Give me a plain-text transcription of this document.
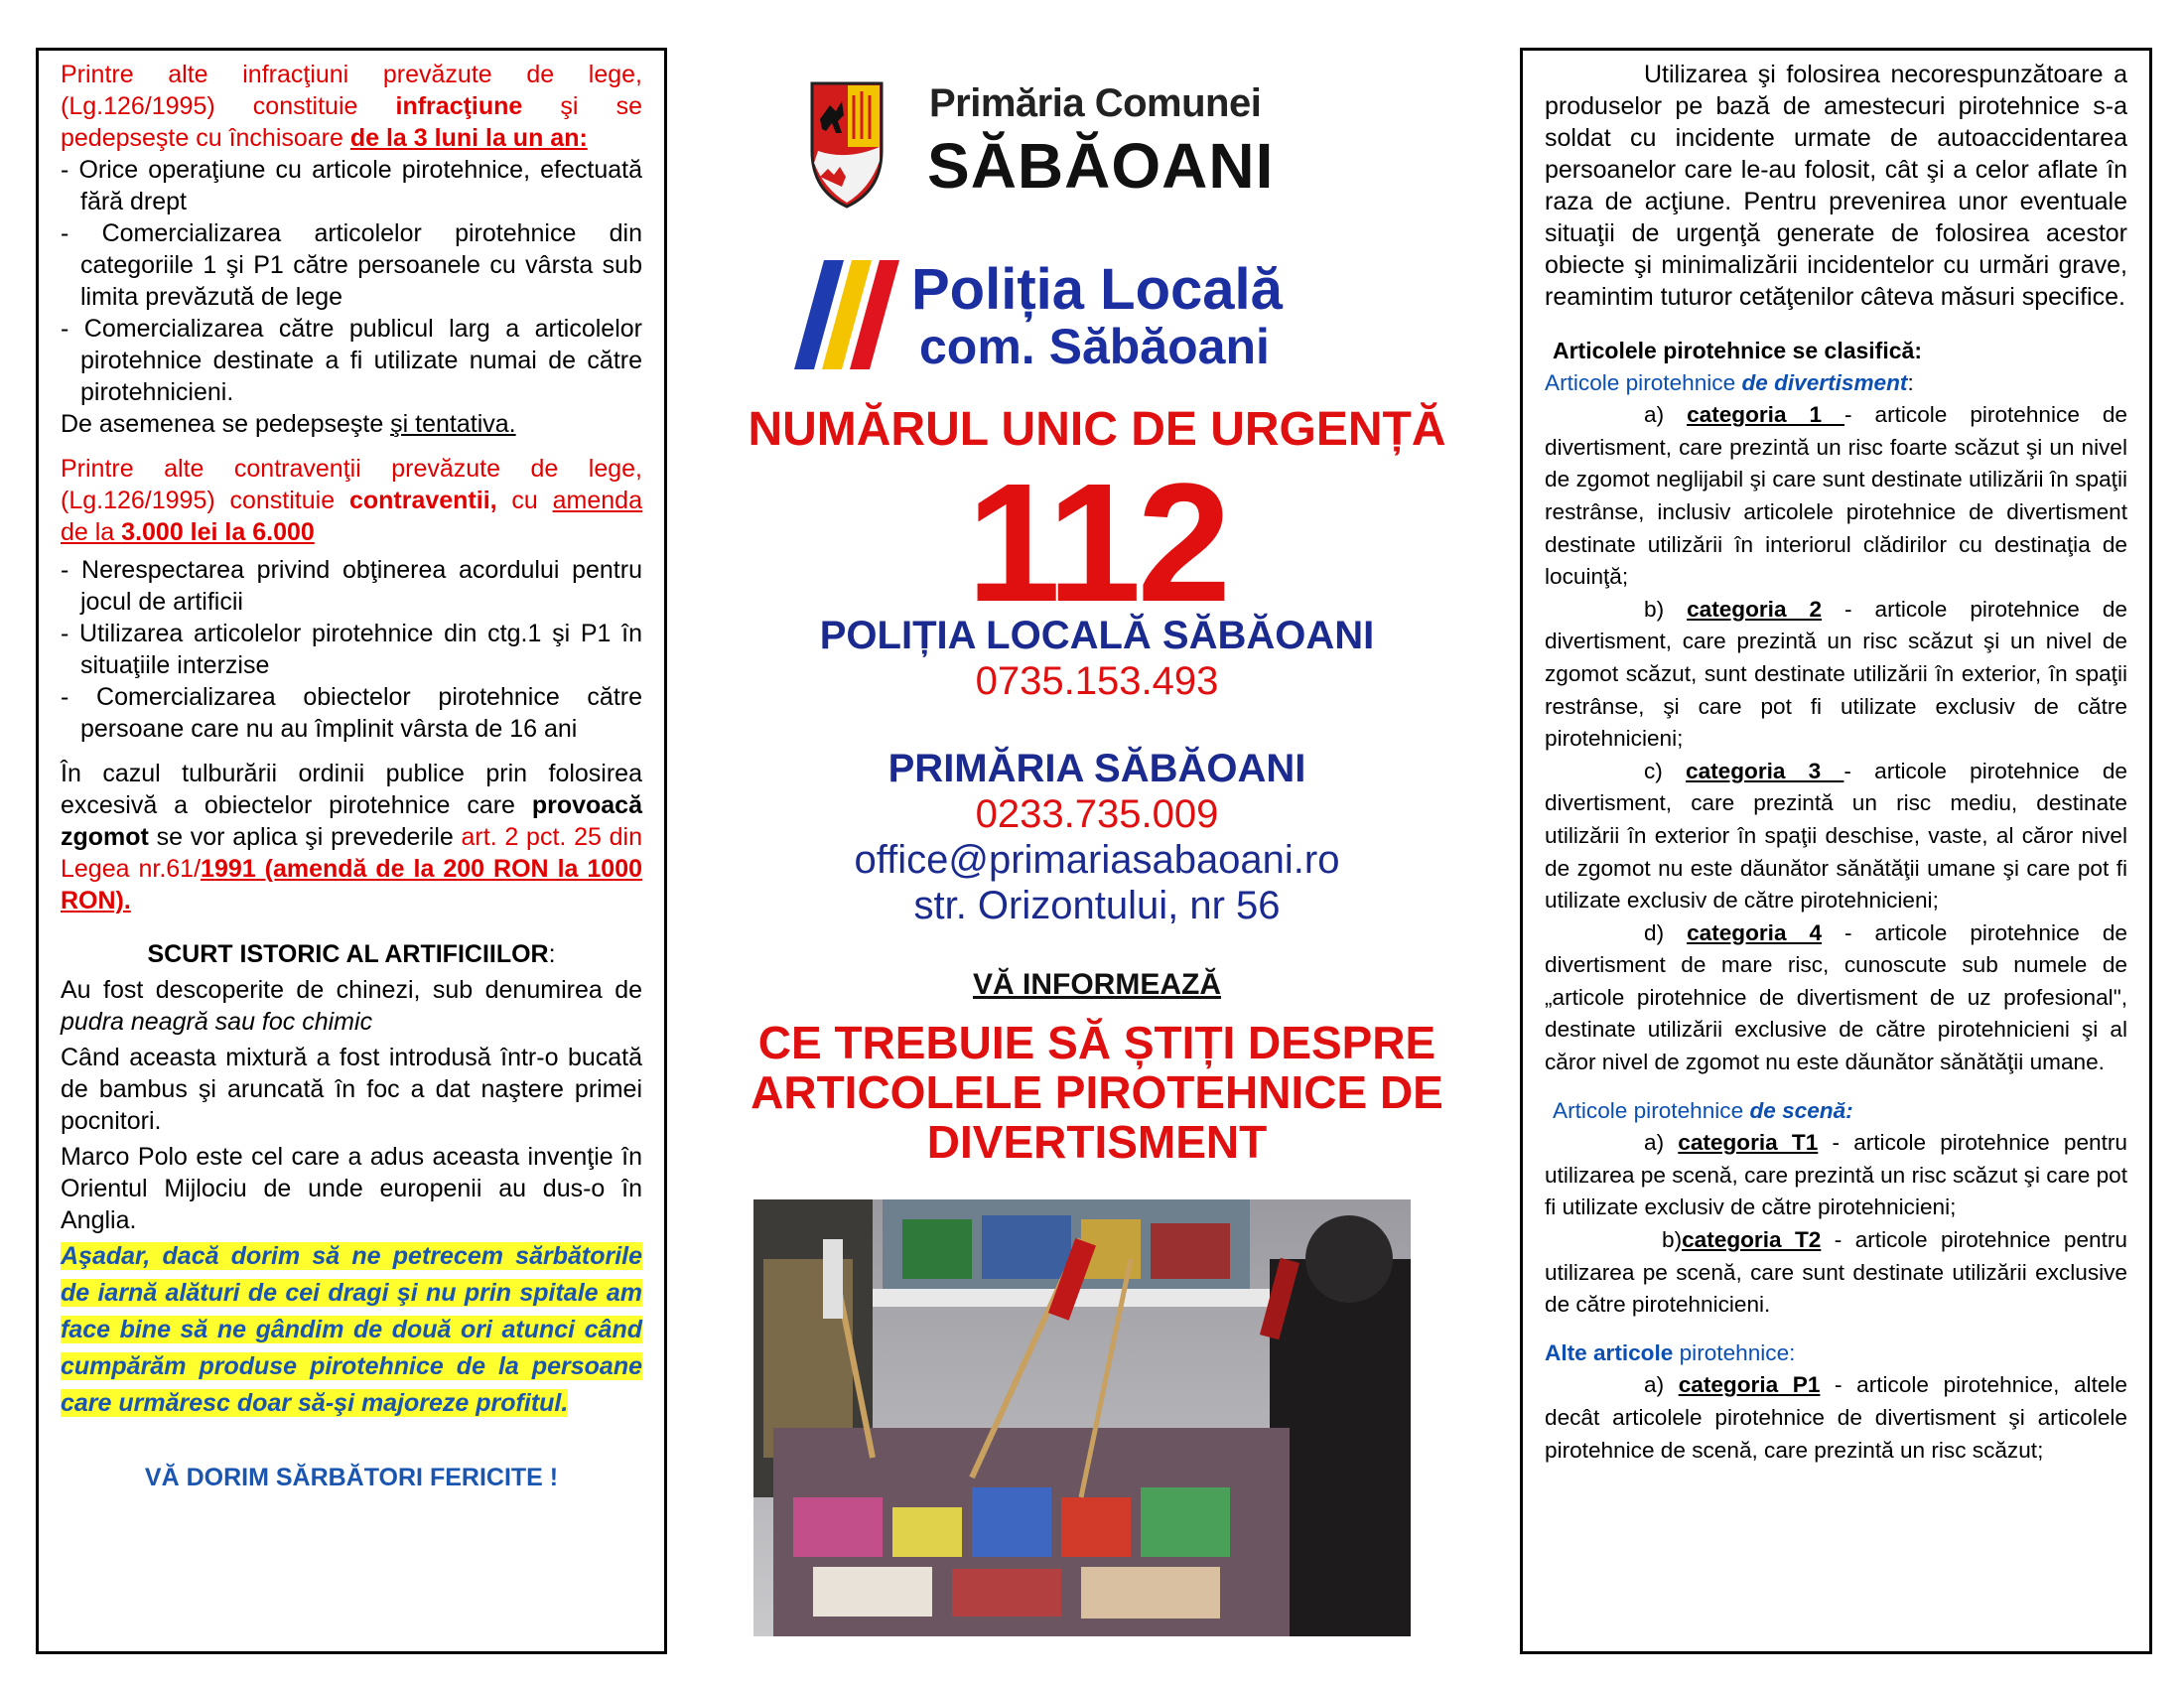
Printre alte infracţiuni prevăzute de lege, (Lg.126/1995) constituie infracţiune şi se pedepseşte cu închisoare de la 3 luni la un an:

- Orice operaţiune cu articole pirotehnice, efectuată fără drept
- Comercializarea articolelor pirotehnice din categoriile 1 şi P1 către persoanele cu vârsta sub limita prevăzută de lege
- Comercializarea către publicul larg a articolelor pirotehnice destinate a fi utilizate numai de către pirotehnicieni.

De asemenea se pedepseşte şi tentativa.

Printre alte contravenţii prevăzute de lege, (Lg.126/1995) constituie contraventii, cu amenda de la 3.000 lei la 6.000

- Nerespectarea privind obţinerea acordului pentru jocul de artificii
- Utilizarea articolelor pirotehnice din ctg.1 şi P1 în situaţiile interzise
- Comercializarea obiectelor pirotehnice către persoane care nu au împlinit vârsta de 16 ani

În cazul tulburării ordinii publice prin folosirea excesivă a obiectelor pirotehnice care provoacă zgomot se vor aplica şi prevederile art. 2 pct. 25 din Legea nr.61/1991 (amendă de la 200 RON la 1000 RON).

SCURT ISTORIC AL ARTIFICIILOR:

Au fost descoperite de chinezi, sub denumirea de pudra neagră sau foc chimic

Când aceasta mixtură a fost introdusă într-o bucată de bambus şi aruncată în foc a dat naştere primei pocnitori.

Marco Polo este cel care a adus aceasta invenţie în Orientul Mijlociu de unde europenii au dus-o în Anglia.

Aşadar, dacă dorim să ne petrecem sărbătorile de iarnă alături de cei dragi şi nu prin spitale am face bine să ne gândim de două ori atunci când cumpărăm produse pirotehnice de la persoane care urmăresc doar să-şi majoreze profitul.

VĂ DORIM SĂRBĂTORI FERICITE !

Primăria Comunei
SĂBĂOANI
Poliția Locală
com. Săbăoani
NUMĂRUL UNIC DE URGENȚĂ
112
POLIȚIA LOCALĂ SĂBĂOANI
0735.153.493
PRIMĂRIA SĂBĂOANI
0233.735.009
office@primariasabaoani.ro
str. Orizontului, nr 56
VĂ INFORMEAZĂ
CE TREBUIE SĂ ȘTIȚI DESPRE ARTICOLELE PIROTEHNICE DE DIVERTISMENT

Utilizarea şi folosirea necorespunzătoare a produselor pe bază de amestecuri pirotehnice s-a soldat cu incidente urmate de autoaccidentarea persoanelor care le-au folosit, cât şi a celor aflate în raza de acţiune. Pentru prevenirea unor eventuale situaţii de urgenţă generate de folosirea acestor obiecte şi minimalizării incidentelor cu urmări grave, reamintim tuturor cetăţenilor câteva măsuri specifice.

Articolele pirotehnice se clasifică:

Articole pirotehnice de divertisment:

a) categoria 1 - articole pirotehnice de divertisment, care prezintă un risc foarte scăzut şi un nivel de zgomot neglijabil şi care sunt destinate utilizării în spaţii restrânse, inclusiv articolele pirotehnice de divertisment destinate utilizării în interiorul clădirilor cu destinaţia de locuinţă;

b) categoria 2 - articole pirotehnice de divertisment, care prezintă un risc scăzut şi un nivel de zgomot scăzut, sunt destinate utilizării în exterior, în spaţii restrânse, şi care pot fi utilizate exclusiv de către pirotehnicieni;

c) categoria 3 - articole pirotehnice de divertisment, care prezintă un risc mediu, destinate utilizării în exterior în spaţii deschise, vaste, al căror nivel de zgomot nu este dăunător sănătăţii umane şi care pot fi utilizate exclusiv de către pirotehnicieni;

d) categoria 4 - articole pirotehnice de divertisment de mare risc, cunoscute sub numele de „articole pirotehnice de divertisment de uz profesional", destinate utilizării exclusive de către pirotehnicieni şi al căror nivel de zgomot nu este dăunător sănătăţii umane.

Articole pirotehnice de scenă:

a) categoria T1 - articole pirotehnice pentru utilizarea pe scenă, care prezintă un risc scăzut şi care pot fi utilizate exclusiv de către pirotehnicieni;

b)categoria T2 - articole pirotehnice pentru utilizarea pe scenă, care sunt destinate utilizării exclusive de către pirotehnicieni.

Alte articole pirotehnice:

a) categoria P1 - articole pirotehnice, altele decât articolele pirotehnice de divertisment şi articolele pirotehnice de scenă, care prezintă un risc scăzut;
